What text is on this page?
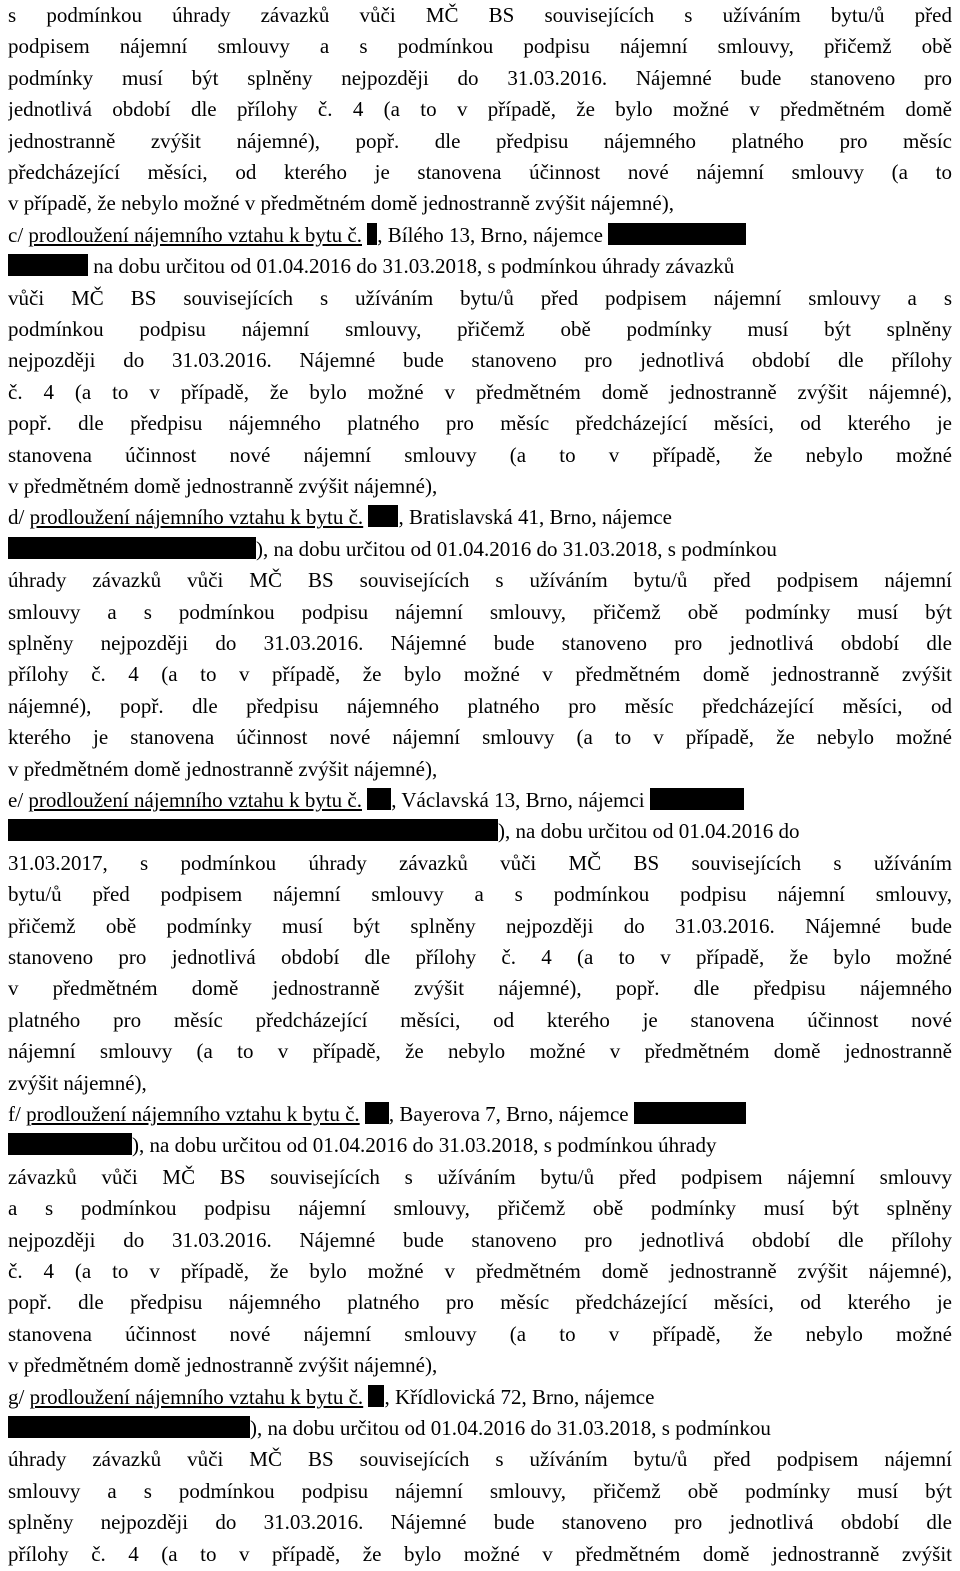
s podmínkou úhrady závazků vůči MČ BS souvisejících s užíváním bytu/ů před
podpisem nájemní smlouvy a s podmínkou podpisu nájemní smlouvy, přičemž obě
podmínky musí být splněny nejpozději do 31.03.2016. Nájemné bude stanoveno pro
jednotlivá období dle přílohy č. 4 (a to v případě, že bylo možné v předmětném domě
jednostranně zvýšit nájemné), popř. dle předpisu nájemného platného pro měsíc
předcházející měsíci, od kterého je stanovena účinnost nové nájemní smlouvy (a to
v případě, že nebylo možné v předmětném domě jednostranně zvýšit nájemné),
c/ prodloužení nájemního vztahu k bytu č. , Bílého 13, Brno, nájemce
na dobu určitou od 01.04.2016 do 31.03.2018, s podmínkou úhrady závazků
vůči MČ BS souvisejících s užíváním bytu/ů před podpisem nájemní smlouvy a s
podmínkou podpisu nájemní smlouvy, přičemž obě podmínky musí být splněny
nejpozději do 31.03.2016. Nájemné bude stanoveno pro jednotlivá období dle přílohy
č. 4 (a to v případě, že bylo možné v předmětném domě jednostranně zvýšit nájemné),
popř. dle předpisu nájemného platného pro měsíc předcházející měsíci, od kterého je
stanovena účinnost nové nájemní smlouvy (a to v případě, že nebylo možné
v předmětném domě jednostranně zvýšit nájemné),
d/ prodloužení nájemního vztahu k bytu č. , Bratislavská 41, Brno, nájemce
), na dobu určitou od 01.04.2016 do 31.03.2018, s podmínkou
úhrady závazků vůči MČ BS souvisejících s užíváním bytu/ů před podpisem nájemní
smlouvy a s podmínkou podpisu nájemní smlouvy, přičemž obě podmínky musí být
splněny nejpozději do 31.03.2016. Nájemné bude stanoveno pro jednotlivá období dle
přílohy č. 4 (a to v případě, že bylo možné v předmětném domě jednostranně zvýšit
nájemné), popř. dle předpisu nájemného platného pro měsíc předcházející měsíci, od
kterého je stanovena účinnost nové nájemní smlouvy (a to v případě, že nebylo možné
v předmětném domě jednostranně zvýšit nájemné),
e/ prodloužení nájemního vztahu k bytu č. , Václavská 13, Brno, nájemci
), na dobu určitou od 01.04.2016 do
31.03.2017, s podmínkou úhrady závazků vůči MČ BS souvisejících s užíváním
bytu/ů před podpisem nájemní smlouvy a s podmínkou podpisu nájemní smlouvy,
přičemž obě podmínky musí být splněny nejpozději do 31.03.2016. Nájemné bude
stanoveno pro jednotlivá období dle přílohy č. 4 (a to v případě, že bylo možné
v předmětném domě jednostranně zvýšit nájemné), popř. dle předpisu nájemného
platného pro měsíc předcházející měsíci, od kterého je stanovena účinnost nové
nájemní smlouvy (a to v případě, že nebylo možné v předmětném domě jednostranně
zvýšit nájemné),
f/ prodloužení nájemního vztahu k bytu č. , Bayerova 7, Brno, nájemce
), na dobu určitou od 01.04.2016 do 31.03.2018, s podmínkou úhrady
závazků vůči MČ BS souvisejících s užíváním bytu/ů před podpisem nájemní smlouvy
a s podmínkou podpisu nájemní smlouvy, přičemž obě podmínky musí být splněny
nejpozději do 31.03.2016. Nájemné bude stanoveno pro jednotlivá období dle přílohy
č. 4 (a to v případě, že bylo možné v předmětném domě jednostranně zvýšit nájemné),
popř. dle předpisu nájemného platného pro měsíc předcházející měsíci, od kterého je
stanovena účinnost nové nájemní smlouvy (a to v případě, že nebylo možné
v předmětném domě jednostranně zvýšit nájemné),
g/ prodloužení nájemního vztahu k bytu č. , Křídlovická 72, Brno, nájemce
), na dobu určitou od 01.04.2016 do 31.03.2018, s podmínkou
úhrady závazků vůči MČ BS souvisejících s užíváním bytu/ů před podpisem nájemní
smlouvy a s podmínkou podpisu nájemní smlouvy, přičemž obě podmínky musí být
splněny nejpozději do 31.03.2016. Nájemné bude stanoveno pro jednotlivá období dle
přílohy č. 4 (a to v případě, že bylo možné v předmětném domě jednostranně zvýšit
